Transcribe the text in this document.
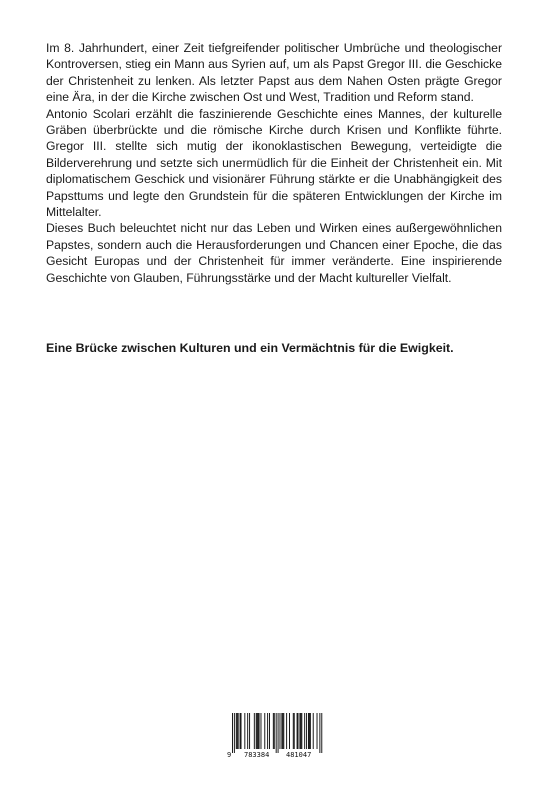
Im 8. Jahrhundert, einer Zeit tiefgreifender politischer Umbrüche und theologischer Kontroversen, stieg ein Mann aus Syrien auf, um als Papst Gregor III. die Geschicke der Christenheit zu lenken. Als letzter Papst aus dem Nahen Osten prägte Gregor eine Ära, in der die Kirche zwischen Ost und West, Tradition und Reform stand.

Antonio Scolari erzählt die faszinierende Geschichte eines Mannes, der kulturelle Gräben überbrückte und die römische Kirche durch Krisen und Konflikte führte. Gregor III. stellte sich mutig der ikonoklastischen Bewegung, verteidigte die Bilderverehrung und setzte sich unermüdlich für die Einheit der Christenheit ein. Mit diplomatischem Geschick und visionärer Führung stärkte er die Unabhängigkeit des Papsttums und legte den Grundstein für die späteren Entwicklungen der Kirche im Mittelalter.

Dieses Buch beleuchtet nicht nur das Leben und Wirken eines außergewöhnlichen Papstes, sondern auch die Herausforderungen und Chancen einer Epoche, die das Gesicht Europas und der Christenheit für immer veränderte. Eine inspirierende Geschichte von Glauben, Führungsstärke und der Macht kultureller Vielfalt.

Eine Brücke zwischen Kulturen und ein Vermächtnis für die Ewigkeit.
9 783384 481047
